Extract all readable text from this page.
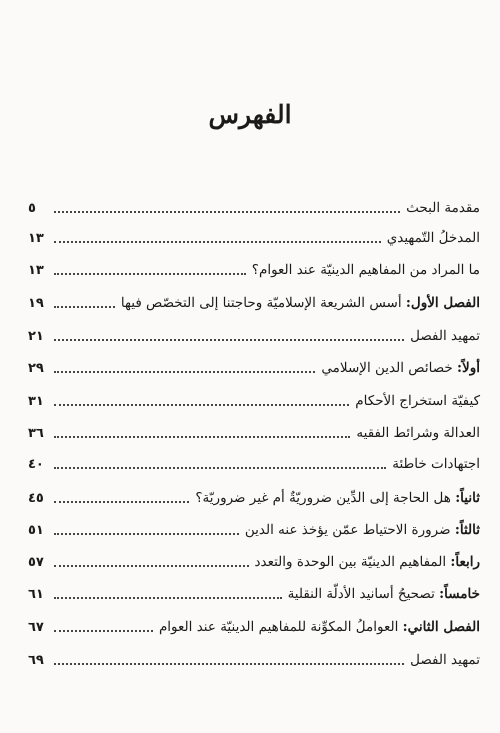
الفهرس
٥	مقدمة البحث
١٣	المدخلُ التّمهيدي
١٣	ما المراد من المفاهيم الدينيّة عند العوام؟
١٩	الفصل الأول: أسس الشريعة الإسلاميّة وحاجتنا إلى التخصّص فيها
٢١	تمهيد الفصل
٢٩	أولاً: خصائص الدين الإسلامي
٣١	كيفيّة استخراج الأحكام
٣٦	العدالة وشرائط الفقيه
٤٠	اجتهادات خاطئة
٤٥	ثانياً: هل الحاجة إلى الدِّين ضروريّةٌ أم غير ضروريّة؟
٥١	ثالثاً: ضرورة الاحتياط عمّن يؤخذ عنه الدين
٥٧	رابعاً: المفاهيم الدينيّة بين الوحدة والتعدد
٦١	خامساً: تصحيحُ أسانيد الأدلّة النقلية
٦٧	الفصل الثاني: العواملُ المكوِّنة للمفاهيم الدينيّة عند العوام
٦٩	تمهيد الفصل
